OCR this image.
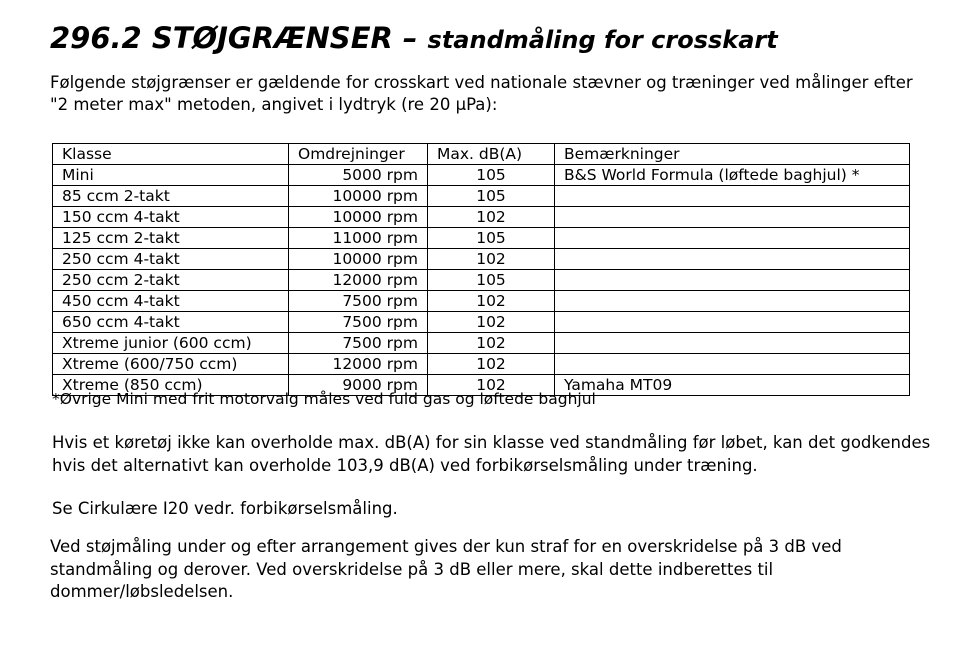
296.2 STØJGRÆNSER – standmåling for crosskart

Følgende støjgrænser er gældende for crosskart ved nationale stævner og træninger ved målinger efter "2 meter max" metoden, angivet i lydtryk (re 20 μPa):

Klasse	Omdrejninger	Max. dB(A)	Bemærkninger
Mini	5000 rpm	105	B&S World Formula (løftede baghjul) *
85 ccm 2-takt	10000 rpm	105	
150 ccm 4-takt	10000 rpm	102	
125 ccm 2-takt	11000 rpm	105	
250 ccm 4-takt	10000 rpm	102	
250 ccm 2-takt	12000 rpm	105	
450 ccm 4-takt	7500 rpm	102	
650 ccm 4-takt	7500 rpm	102	
Xtreme junior (600 ccm)	7500 rpm	102	
Xtreme (600/750 ccm)	12000 rpm	102	
Xtreme (850 ccm)	9000 rpm	102	Yamaha MT09

*Øvrige Mini med frit motorvalg måles ved fuld gas og løftede baghjul

Hvis et køretøj ikke kan overholde max. dB(A) for sin klasse ved standmåling før løbet, kan det godkendes hvis det alternativt kan overholde 103,9 dB(A) ved forbikørselsmåling under træning.

Se Cirkulære I20 vedr. forbikørselsmåling.

Ved støjmåling under og efter arrangement gives der kun straf for en overskridelse på 3 dB ved standmåling og derover. Ved overskridelse på 3 dB eller mere, skal dette indberettes til dommer/løbsledelsen.
